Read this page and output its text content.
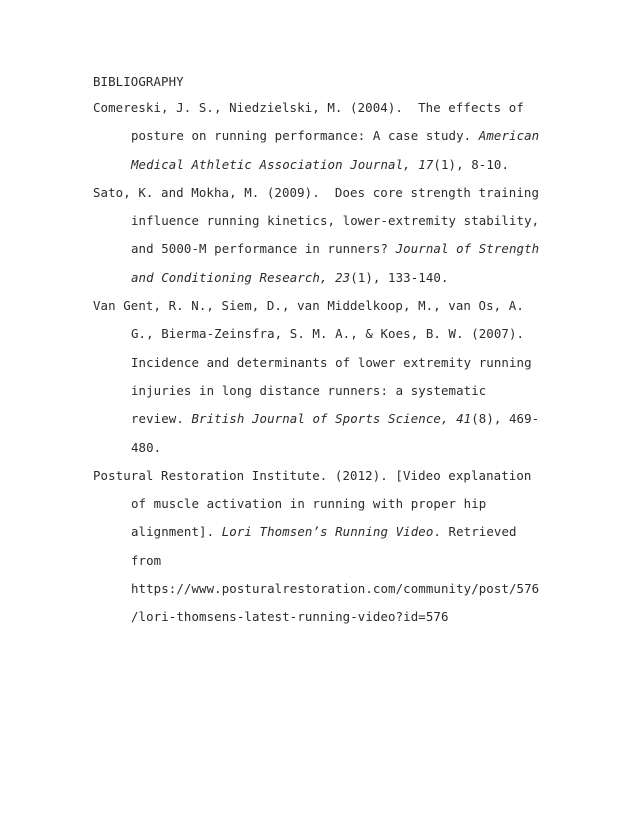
BIBLIOGRAPHY
Comereski, J. S., Niedzielski, M. (2004).  The effects of
posture on running performance: A case study. American
Medical Athletic Association Journal, 17(1), 8-10.
Sato, K. and Mokha, M. (2009).  Does core strength training
influence running kinetics, lower-extremity stability,
and 5000-M performance in runners? Journal of Strength
and Conditioning Research, 23(1), 133-140.
Van Gent, R. N., Siem, D., van Middelkoop, M., van Os, A.
G., Bierma-Zeinsfra, S. M. A., & Koes, B. W. (2007).
Incidence and determinants of lower extremity running
injuries in long distance runners: a systematic
review. British Journal of Sports Science, 41(8), 469-
480.
Postural Restoration Institute. (2012). [Video explanation
of muscle activation in running with proper hip
alignment]. Lori Thomsen’s Running Video. Retrieved
from
https://www.posturalrestoration.com/community/post/576
/lori-thomsens-latest-running-video?id=576
